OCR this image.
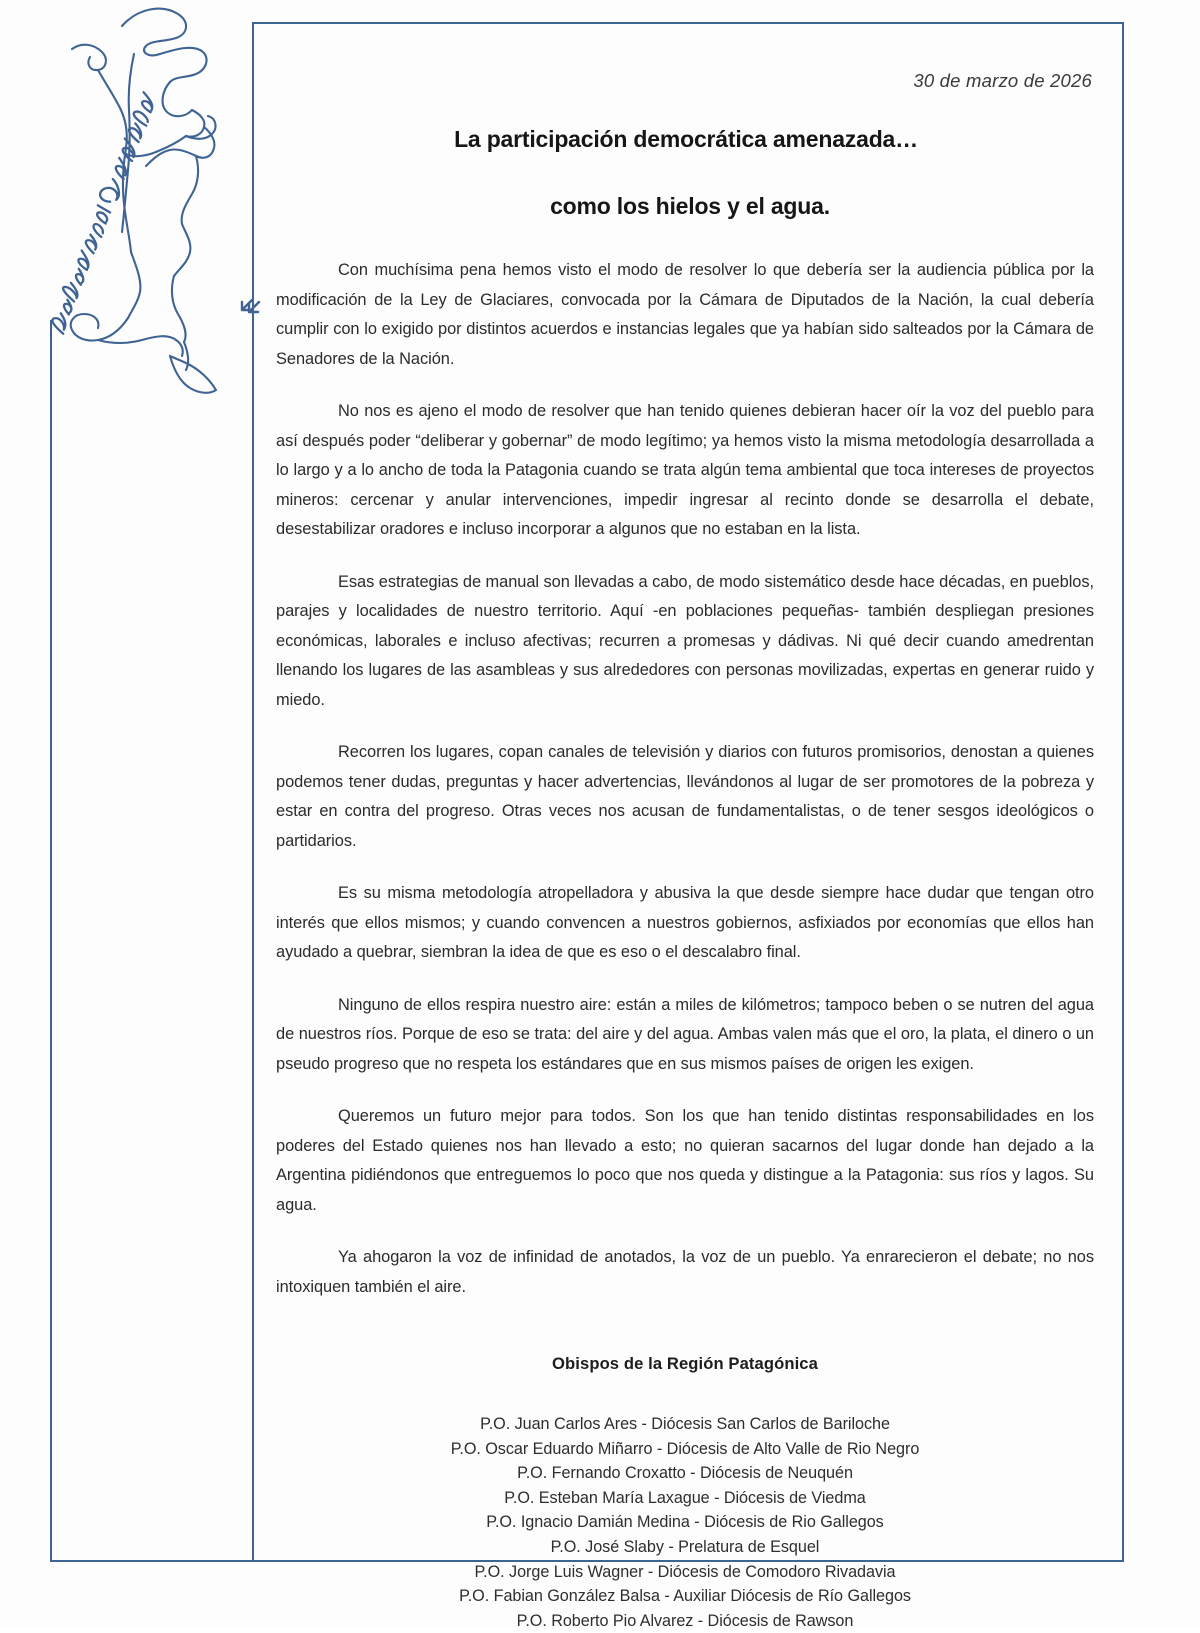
30 de marzo de 2026
La participación democrática amenazada…
como los hielos y el agua.

Con muchísima pena hemos visto el modo de resolver lo que debería ser la audiencia pública por la modificación de la Ley de Glaciares, convocada por la Cámara de Diputados de la Nación, la cual debería cumplir con lo exigido por distintos acuerdos e instancias legales que ya habían sido salteados por la Cámara de Senadores de la Nación.

No nos es ajeno el modo de resolver que han tenido quienes debieran hacer oír la voz del pueblo para así después poder “deliberar y gobernar” de modo legítimo; ya hemos visto la misma metodología desarrollada a lo largo y a lo ancho de toda la Patagonia cuando se trata algún tema ambiental que toca intereses de proyectos mineros: cercenar y anular intervenciones, impedir ingresar al recinto donde se desarrolla el debate, desestabilizar oradores e incluso incorporar a algunos que no estaban en la lista.

Esas estrategias de manual son llevadas a cabo, de modo sistemático desde hace décadas, en pueblos, parajes y localidades de nuestro territorio. Aquí -en poblaciones pequeñas- también despliegan presiones económicas, laborales e incluso afectivas; recurren a promesas y dádivas. Ni qué decir cuando amedrentan llenando los lugares de las asambleas y sus alrededores con personas movilizadas, expertas en generar ruido y miedo.

Recorren los lugares, copan canales de televisión y diarios con futuros promisorios, denostan a quienes podemos tener dudas, preguntas y hacer advertencias, llevándonos al lugar de ser promotores de la pobreza y estar en contra del progreso. Otras veces nos acusan de fundamentalistas, o de tener sesgos ideológicos o partidarios.

Es su misma metodología atropelladora y abusiva la que desde siempre hace dudar que tengan otro interés que ellos mismos; y cuando convencen a nuestros gobiernos, asfixiados por economías que ellos han ayudado a quebrar, siembran la idea de que es eso o el descalabro final.

Ninguno de ellos respira nuestro aire: están a miles de kilómetros; tampoco beben o se nutren del agua de nuestros ríos. Porque de eso se trata: del aire y del agua. Ambas valen más que el oro, la plata, el dinero o un pseudo progreso que no respeta los estándares que en sus mismos países de origen les exigen.

Queremos un futuro mejor para todos. Son los que han tenido distintas responsabilidades en los poderes del Estado quienes nos han llevado a esto; no quieran sacarnos del lugar donde han dejado a la Argentina pidiéndonos que entreguemos lo poco que nos queda y distingue a la Patagonia: sus ríos y lagos. Su agua.

Ya ahogaron la voz de infinidad de anotados, la voz de un pueblo. Ya enrarecieron el debate; no nos intoxiquen también el aire.

Obispos de la Región Patagónica
P.O. Juan Carlos Ares - Diócesis San Carlos de Bariloche
P.O. Oscar Eduardo Miñarro - Diócesis de Alto Valle de Rio Negro
P.O. Fernando Croxatto - Diócesis de Neuquén
P.O. Esteban María Laxague - Diócesis de Viedma
P.O. Ignacio Damián Medina - Diócesis de Rio Gallegos
P.O. José Slaby - Prelatura de Esquel
P.O. Jorge Luis Wagner - Diócesis de Comodoro Rivadavia
P.O. Fabian González Balsa - Auxiliar Diócesis de Río Gallegos
P.O. Roberto Pio Alvarez - Diócesis de Rawson
